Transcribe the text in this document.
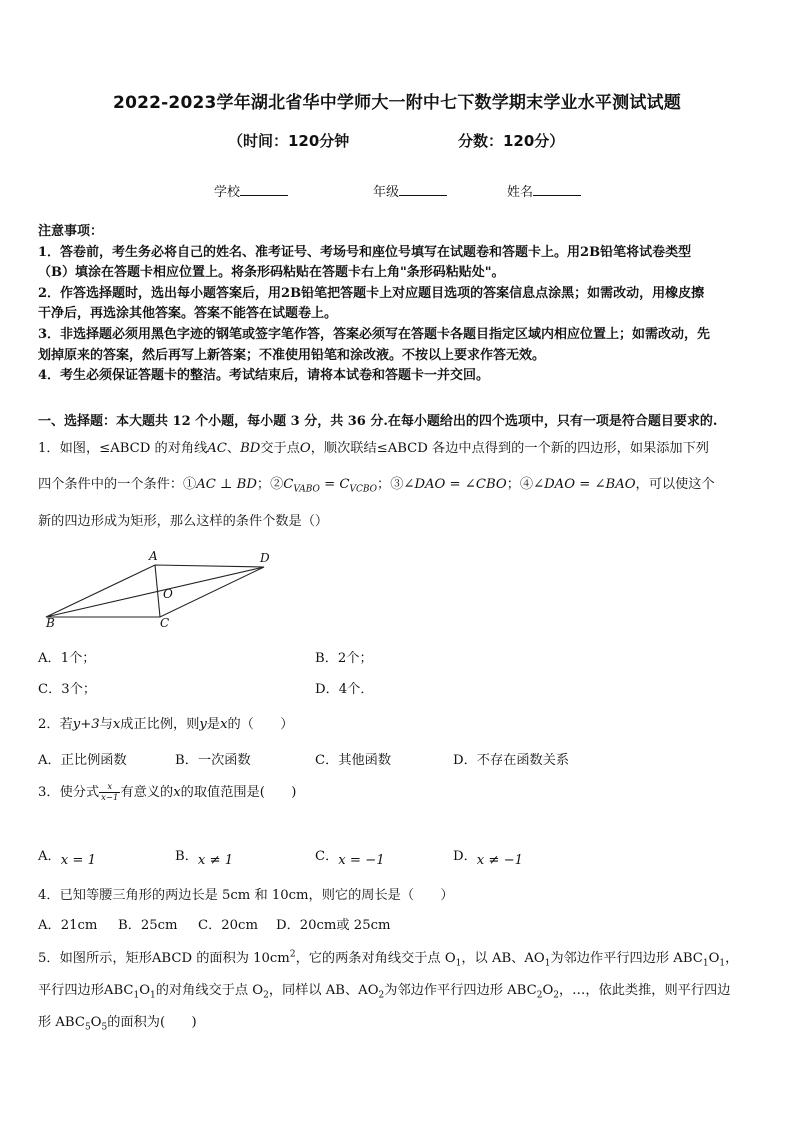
2022-2023学年湖北省华中学师大一附中七下数学期末学业水平测试试题
（时间：120分钟	分数：120分）
学校	年级	姓名

注意事项：

1．答卷前，考生务必将自己的姓名、准考证号、考场号和座位号填写在试题卷和答题卡上。用2B铅笔将试卷类型

（B）填涂在答题卡相应位置上。将条形码粘贴在答题卡右上角"条形码粘贴处"。

2．作答选择题时，选出每小题答案后，用2B铅笔把答题卡上对应题目选项的答案信息点涂黑；如需改动，用橡皮擦

干净后，再选涂其他答案。答案不能答在试题卷上。

3．非选择题必须用黑色字迹的钢笔或签字笔作答，答案必须写在答题卡各题目指定区域内相应位置上；如需改动，先

划掉原来的答案，然后再写上新答案；不准使用铅笔和涂改液。不按以上要求作答无效。

4．考生必须保证答题卡的整洁。考试结束后，请将本试卷和答题卡一并交回。

一、选择题：本大题共 12 个小题，每小题 3 分，共 36 分.在每小题给出的四个选项中，只有一项是符合题目要求的.
1．如图，≤ABCD 的对角线AC、BD交于点O，顺次联结≤ABCD 各边中点得到的一个新的四边形，如果添加下列
四个条件中的一个条件：①AC ⊥ BD；$②C_{VABO} = C_{VCBO}$；③∠DAO = ∠CBO；④∠DAO = ∠BAO，可以使这个
新的四边形成为矩形，那么这样的条件个数是（）
A	D
O
B	C
A．1个；	B．2个；
C．3个；	D．4个．
2．若y+3与x成正比例，则y是x的（　　）
A．正比例函数	B．一次函数	C．其他函数	D．不存在函数关系
3．使分式 $\frac{x}{x-1}$ 有意义的x的取值范围是(　　)
A．x = 1	B．x ≠ 1	C．x = −1	D．x ≠ −1
4．已知等腰三角形的两边长是 5cm 和 10cm，则它的周长是（　　）
A．21cm B．25cm C．20cm D．20cm或 25cm
5．如图所示，矩形ABCD 的面积为 $10cm^2$，它的两条对角线交于点 $O_1$，以 AB、$AO_1$为邻边作平行四边形 $ABC_1O_1$，
平行四边形$ABC_1O_1$的对角线交于点 $O_2$，同样以 AB、$AO_2$为邻边作平行四边形 $ABC_2O_2$，…，依此类推，则平行四边
形 $ABC_5O_5$的面积为(　　)
